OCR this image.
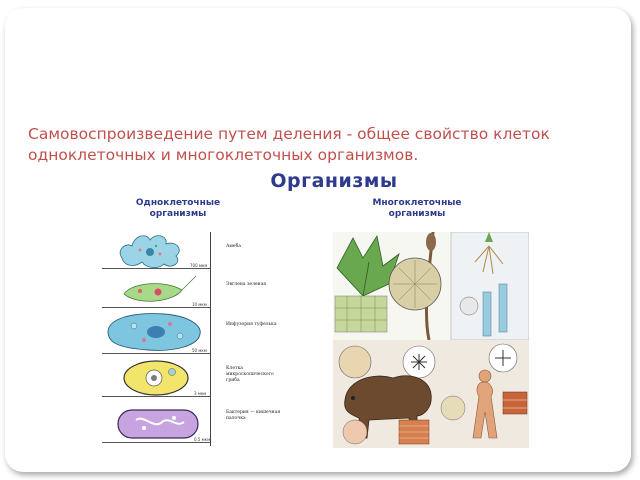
Самовоспроизведение путем деления - общее свойство клеток одноклеточных и многоклеточных организмов.
Организмы
Одноклеточные организмы
Многоклеточные организмы
700 мкм
Амеба
10 мкм
Эвглена зеленая
50 мкм
Инфузория туфелька
3 мкм
Клетка микроскопического гриба
0,5 мкм
Бактерия — кишечная палочка
